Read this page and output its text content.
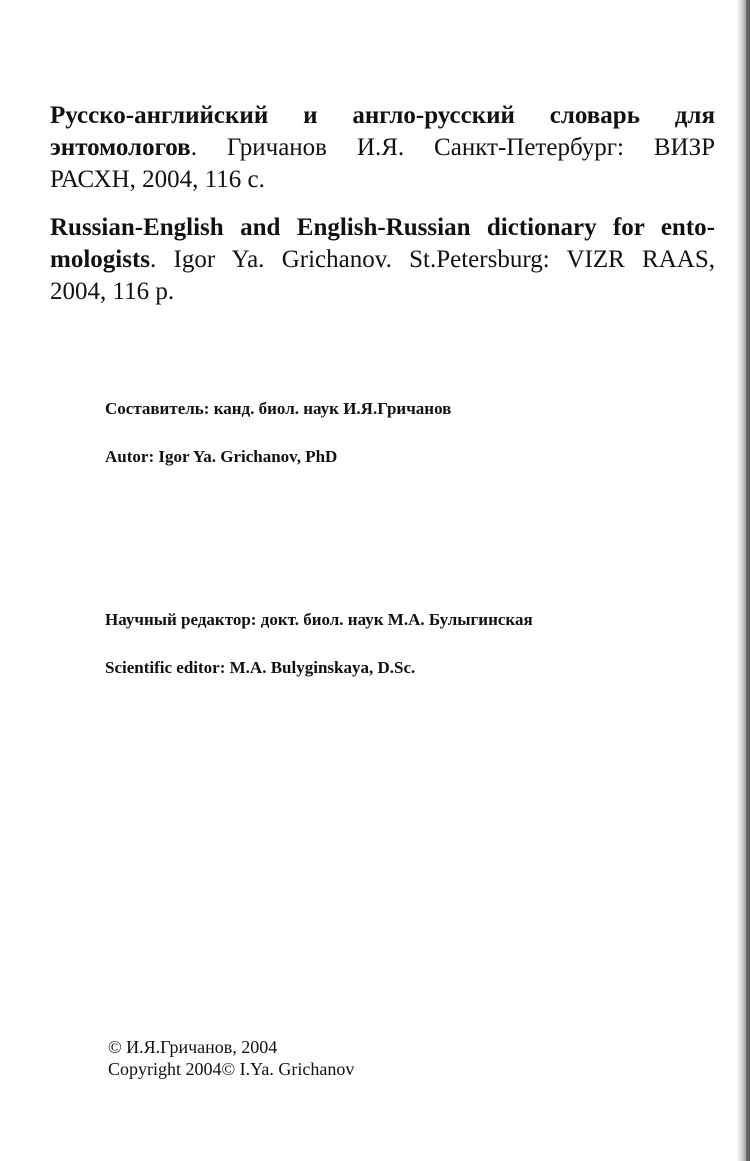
Русско-английский и англо-русский словарь для
энтомологов. Гричанов И.Я. Санкт-Петербург: ВИЗР
РАСХН, 2004, 116 с.
Russian-English and English-Russian dictionary for ento-
mologists. Igor Ya. Grichanov. St.Petersburg: VIZR RAAS,
2004, 116 p.

Составитель: канд. биол. наук И.Я.Гричанов

Autor: Igor Ya. Grichanov, PhD

Научный редактор: докт. биол. наук М.А. Булыгинская

Scientific editor: M.A. Bulyginskaya, D.Sc.

© И.Я.Гричанов, 2004

Copyright 2004© I.Ya. Grichanov
